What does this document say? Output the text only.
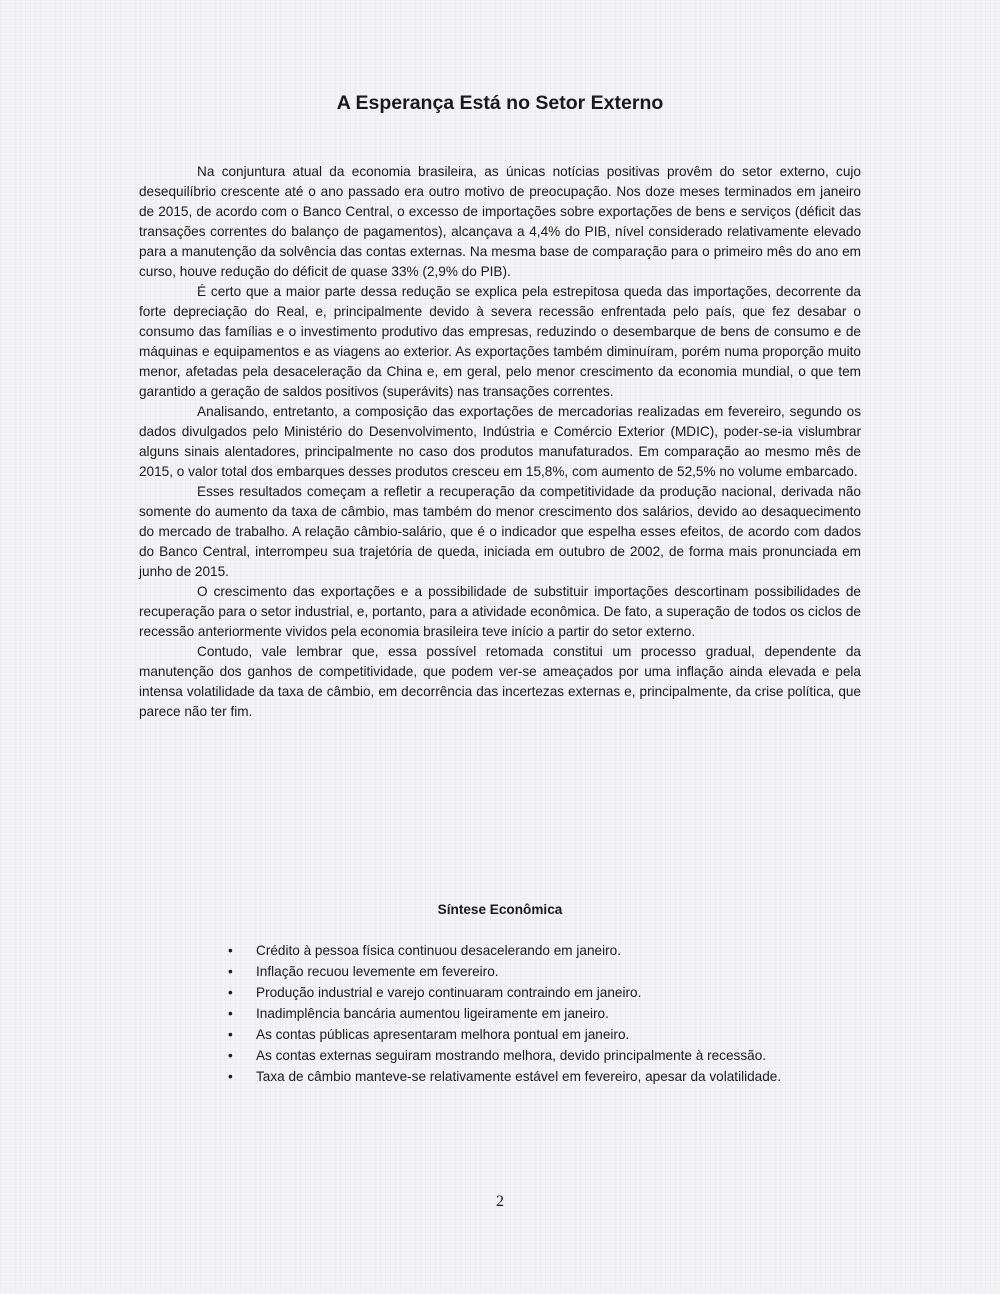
A Esperança Está no Setor Externo

Na conjuntura atual da economia brasileira, as únicas notícias positivas provêm do setor externo, cujo desequilíbrio crescente até o ano passado era outro motivo de preocupação. Nos doze meses terminados em janeiro de 2015, de acordo com o Banco Central, o excesso de importações sobre exportações de bens e serviços (déficit das transações correntes do balanço de pagamentos), alcançava a 4,4% do PIB, nível considerado relativamente elevado para a manutenção da solvência das contas externas. Na mesma base de comparação para o primeiro mês do ano em curso, houve redução do déficit de quase 33% (2,9% do PIB).

É certo que a maior parte dessa redução se explica pela estrepitosa queda das importações, decorrente da forte depreciação do Real, e, principalmente devido à severa recessão enfrentada pelo país, que fez desabar o consumo das famílias e o investimento produtivo das empresas, reduzindo o desembarque de bens de consumo e de máquinas e equipamentos e as viagens ao exterior. As exportações também diminuíram, porém numa proporção muito menor, afetadas pela desaceleração da China e, em geral, pelo menor crescimento da economia mundial, o que tem garantido a geração de saldos positivos (superávits) nas transações correntes.

Analisando, entretanto, a composição das exportações de mercadorias realizadas em fevereiro, segundo os dados divulgados pelo Ministério do Desenvolvimento, Indústria e Comércio Exterior (MDIC), poder-se-ia vislumbrar alguns sinais alentadores, principalmente no caso dos produtos manufaturados. Em comparação ao mesmo mês de 2015, o valor total dos embarques desses produtos cresceu em 15,8%, com aumento de 52,5% no volume embarcado.

Esses resultados começam a refletir a recuperação da competitividade da produção nacional, derivada não somente do aumento da taxa de câmbio, mas também do menor crescimento dos salários, devido ao desaquecimento do mercado de trabalho. A relação câmbio-salário, que é o indicador que espelha esses efeitos, de acordo com dados do Banco Central, interrompeu sua trajetória de queda, iniciada em outubro de 2002, de forma mais pronunciada em junho de 2015.

O crescimento das exportações e a possibilidade de substituir importações descortinam possibilidades de recuperação para o setor industrial, e, portanto, para a atividade econômica. De fato, a superação de todos os ciclos de recessão anteriormente vividos pela economia brasileira teve início a partir do setor externo.

Contudo, vale lembrar que, essa possível retomada constitui um processo gradual, dependente da manutenção dos ganhos de competitividade, que podem ver-se ameaçados por uma inflação ainda elevada e pela intensa volatilidade da taxa de câmbio, em decorrência das incertezas externas e, principalmente, da crise política, que parece não ter fim.

Síntese Econômica
• Crédito à pessoa física continuou desacelerando em janeiro.
• Inflação recuou levemente em fevereiro.
• Produção industrial e varejo continuaram contraindo em janeiro.
• Inadimplência bancária aumentou ligeiramente em janeiro.
• As contas públicas apresentaram melhora pontual em janeiro.
• As contas externas seguiram mostrando melhora, devido principalmente à recessão.
• Taxa de câmbio manteve-se relativamente estável em fevereiro, apesar da volatilidade.
2
